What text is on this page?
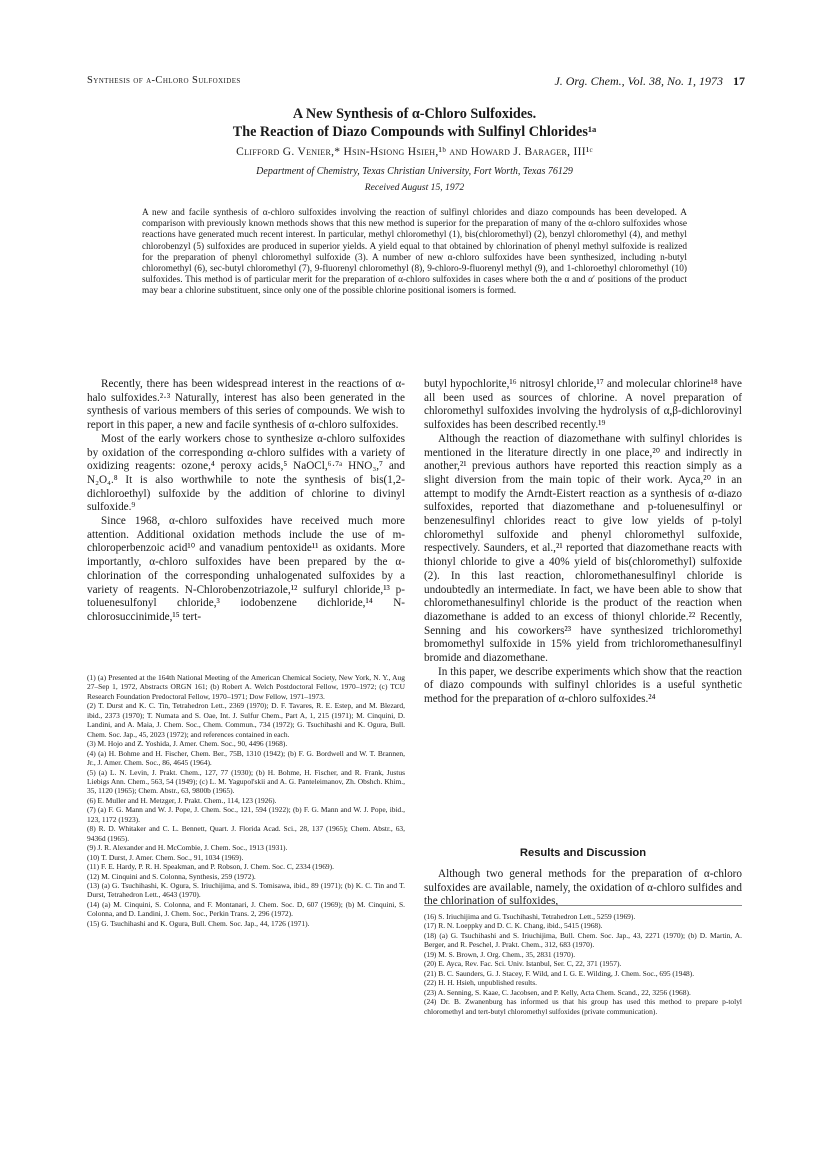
Synthesis of α-Chloro Sulfoxides	J. Org. Chem., Vol. 38, No. 1, 1973 17
A New Synthesis of α-Chloro Sulfoxides.
The Reaction of Diazo Compounds with Sulfinyl Chlorides¹ᵃ
Clifford G. Venier,* Hsin-Hsiong Hsieh,¹ᵇ and Howard J. Barager, III¹ᶜ
Department of Chemistry, Texas Christian University, Fort Worth, Texas 76129
Received August 15, 1972
A new and facile synthesis of α-chloro sulfoxides involving the reaction of sulfinyl chlorides and diazo compounds has been developed. A comparison with previously known methods shows that this new method is superior for the preparation of many of the α-chloro sulfoxides whose reactions have generated much recent interest. In particular, methyl chloromethyl (1), bis(chloromethyl) (2), benzyl chloromethyl (4), and methyl chlorobenzyl (5) sulfoxides are produced in superior yields. A yield equal to that obtained by chlorination of phenyl methyl sulfoxide is realized for the preparation of phenyl chloromethyl sulfoxide (3). A number of new α-chloro sulfoxides have been synthesized, including n-butyl chloromethyl (6), sec-butyl chloromethyl (7), 9-fluorenyl chloromethyl (8), 9-chloro-9-fluorenyl methyl (9), and 1-chloroethyl chloromethyl (10) sulfoxides. This method is of particular merit for the preparation of α-chloro sulfoxides in cases where both the α and α′ positions of the product may bear a chlorine substituent, since only one of the possible chlorine positional isomers is formed.

Recently, there has been widespread interest in the reactions of α-halo sulfoxides.²·³ Naturally, interest has also been generated in the synthesis of various members of this series of compounds. We wish to report in this paper, a new and facile synthesis of α-chloro sulfoxides.

Most of the early workers chose to synthesize α-chloro sulfoxides by oxidation of the corresponding α-chloro sulfides with a variety of oxidizing reagents: ozone,⁴ peroxy acids,⁵ NaOCl,⁶·⁷ᵃ HNO₃,⁷ and N₂O₄.⁸ It is also worthwhile to note the synthesis of bis(1,2-dichloroethyl) sulfoxide by the addition of chlorine to divinyl sulfoxide.⁹

Since 1968, α-chloro sulfoxides have received much more attention. Additional oxidation methods include the use of m-chloroperbenzoic acid¹⁰ and vanadium pentoxide¹¹ as oxidants. More importantly, α-chloro sulfoxides have been prepared by the α-chlorination of the corresponding unhalogenated sulfoxides by a variety of reagents. N-Chlorobenzotriazole,¹² sulfuryl chloride,¹³ p-toluenesulfonyl chloride,³ iodobenzene dichloride,¹⁴ N-chlorosuccinimide,¹⁵ tert-

(1) (a) Presented at the 164th National Meeting of the American Chemical Society, New York, N. Y., Aug 27–Sep 1, 1972, Abstracts ORGN 161; (b) Robert A. Welch Postdoctoral Fellow, 1970–1972; (c) TCU Research Foundation Predoctoral Fellow, 1970–1971; Dow Fellow, 1971–1973.
(2) T. Durst and K. C. Tin, Tetrahedron Lett., 2369 (1970); D. F. Tavares, R. E. Estep, and M. Blezard, ibid., 2373 (1970); T. Numata and S. Oae, Int. J. Sulfur Chem., Part A, 1, 215 (1971); M. Cinquini, D. Landini, and A. Maia, J. Chem. Soc., Chem. Commun., 734 (1972); G. Tsuchihashi and K. Ogura, Bull. Chem. Soc. Jap., 45, 2023 (1972); and references contained in each.
(3) M. Hojo and Z. Yoshida, J. Amer. Chem. Soc., 90, 4496 (1968).
(4) (a) H. Bohme and H. Fischer, Chem. Ber., 75B, 1310 (1942); (b) F. G. Bordwell and W. T. Brannen, Jr., J. Amer. Chem. Soc., 86, 4645 (1964).
(5) (a) L. N. Levin, J. Prakt. Chem., 127, 77 (1930); (b) H. Bohme, H. Fischer, and R. Frank, Justus Liebigs Ann. Chem., 563, 54 (1949); (c) L. M. Yagupol'skii and A. G. Panteleimanov, Zh. Obshch. Khim., 35, 1120 (1965); Chem. Abstr., 63, 9800b (1965).
(6) E. Muller and H. Metzger, J. Prakt. Chem., 114, 123 (1926).
(7) (a) F. G. Mann and W. J. Pope, J. Chem. Soc., 121, 594 (1922); (b) F. G. Mann and W. J. Pope, ibid., 123, 1172 (1923).
(8) R. D. Whitaker and C. L. Bennett, Quart. J. Florida Acad. Sci., 28, 137 (1965); Chem. Abstr., 63, 9436d (1965).
(9) J. R. Alexander and H. McCombie, J. Chem. Soc., 1913 (1931).
(10) T. Durst, J. Amer. Chem. Soc., 91, 1034 (1969).
(11) F. E. Hardy, P. R. H. Speakman, and P. Robson, J. Chem. Soc. C, 2334 (1969).
(12) M. Cinquini and S. Colonna, Synthesis, 259 (1972).
(13) (a) G. Tsuchihashi, K. Ogura, S. Iriuchijima, and S. Tomisawa, ibid., 89 (1971); (b) K. C. Tin and T. Durst, Tetrahedron Lett., 4643 (1970).
(14) (a) M. Cinquini, S. Colonna, and F. Montanari, J. Chem. Soc. D, 607 (1969); (b) M. Cinquini, S. Colonna, and D. Landini, J. Chem. Soc., Perkin Trans. 2, 296 (1972).
(15) G. Tsuchihashi and K. Ogura, Bull. Chem. Soc. Jap., 44, 1726 (1971).

butyl hypochlorite,¹⁶ nitrosyl chloride,¹⁷ and molecular chlorine¹⁸ have all been used as sources of chlorine. A novel preparation of chloromethyl sulfoxides involving the hydrolysis of α,β-dichlorovinyl sulfoxides has been described recently.¹⁹

Although the reaction of diazomethane with sulfinyl chlorides is mentioned in the literature directly in one place,²⁰ and indirectly in another,²¹ previous authors have reported this reaction simply as a slight diversion from the main topic of their work. Ayca,²⁰ in an attempt to modify the Arndt-Eistert reaction as a synthesis of α-diazo sulfoxides, reported that diazomethane and p-toluenesulfinyl or benzenesulfinyl chlorides react to give low yields of p-tolyl chloromethyl sulfoxide and phenyl chloromethyl sulfoxide, respectively. Saunders, et al.,²¹ reported that diazomethane reacts with thionyl chloride to give a 40% yield of bis(chloromethyl) sulfoxide (2). In this last reaction, chloromethanesulfinyl chloride is undoubtedly an intermediate. In fact, we have been able to show that chloromethanesulfinyl chloride is the product of the reaction when diazomethane is added to an excess of thionyl chloride.²² Recently, Senning and his coworkers²³ have synthesized trichloromethyl bromomethyl sulfoxide in 15% yield from trichloromethanesulfinyl bromide and diazomethane.

In this paper, we describe experiments which show that the reaction of diazo compounds with sulfinyl chlorides is a useful synthetic method for the preparation of α-chloro sulfoxides.²⁴

Results and Discussion

Although two general methods for the preparation of α-chloro sulfoxides are available, namely, the oxidation of α-chloro sulfides and the chlorination of sulfoxides,

(16) S. Iriuchijima and G. Tsuchihashi, Tetrahedron Lett., 5259 (1969).
(17) R. N. Loeppky and D. C. K. Chang, ibid., 5415 (1968).
(18) (a) G. Tsuchihashi and S. Iriuchijima, Bull. Chem. Soc. Jap., 43, 2271 (1970); (b) D. Martin, A. Berger, and R. Peschel, J. Prakt. Chem., 312, 683 (1970).
(19) M. S. Brown, J. Org. Chem., 35, 2831 (1970).
(20) E. Ayca, Rev. Fac. Sci. Univ. Istanbul, Ser. C, 22, 371 (1957).
(21) B. C. Saunders, G. J. Stacey, F. Wild, and I. G. E. Wilding, J. Chem. Soc., 695 (1948).
(22) H. H. Hsieh, unpublished results.
(23) A. Senning, S. Kaae, C. Jacobsen, and P. Kelly, Acta Chem. Scand., 22, 3256 (1968).
(24) Dr. B. Zwanenburg has informed us that his group has used this method to prepare p-tolyl chloromethyl and tert-butyl chloromethyl sulfoxides (private communication).
